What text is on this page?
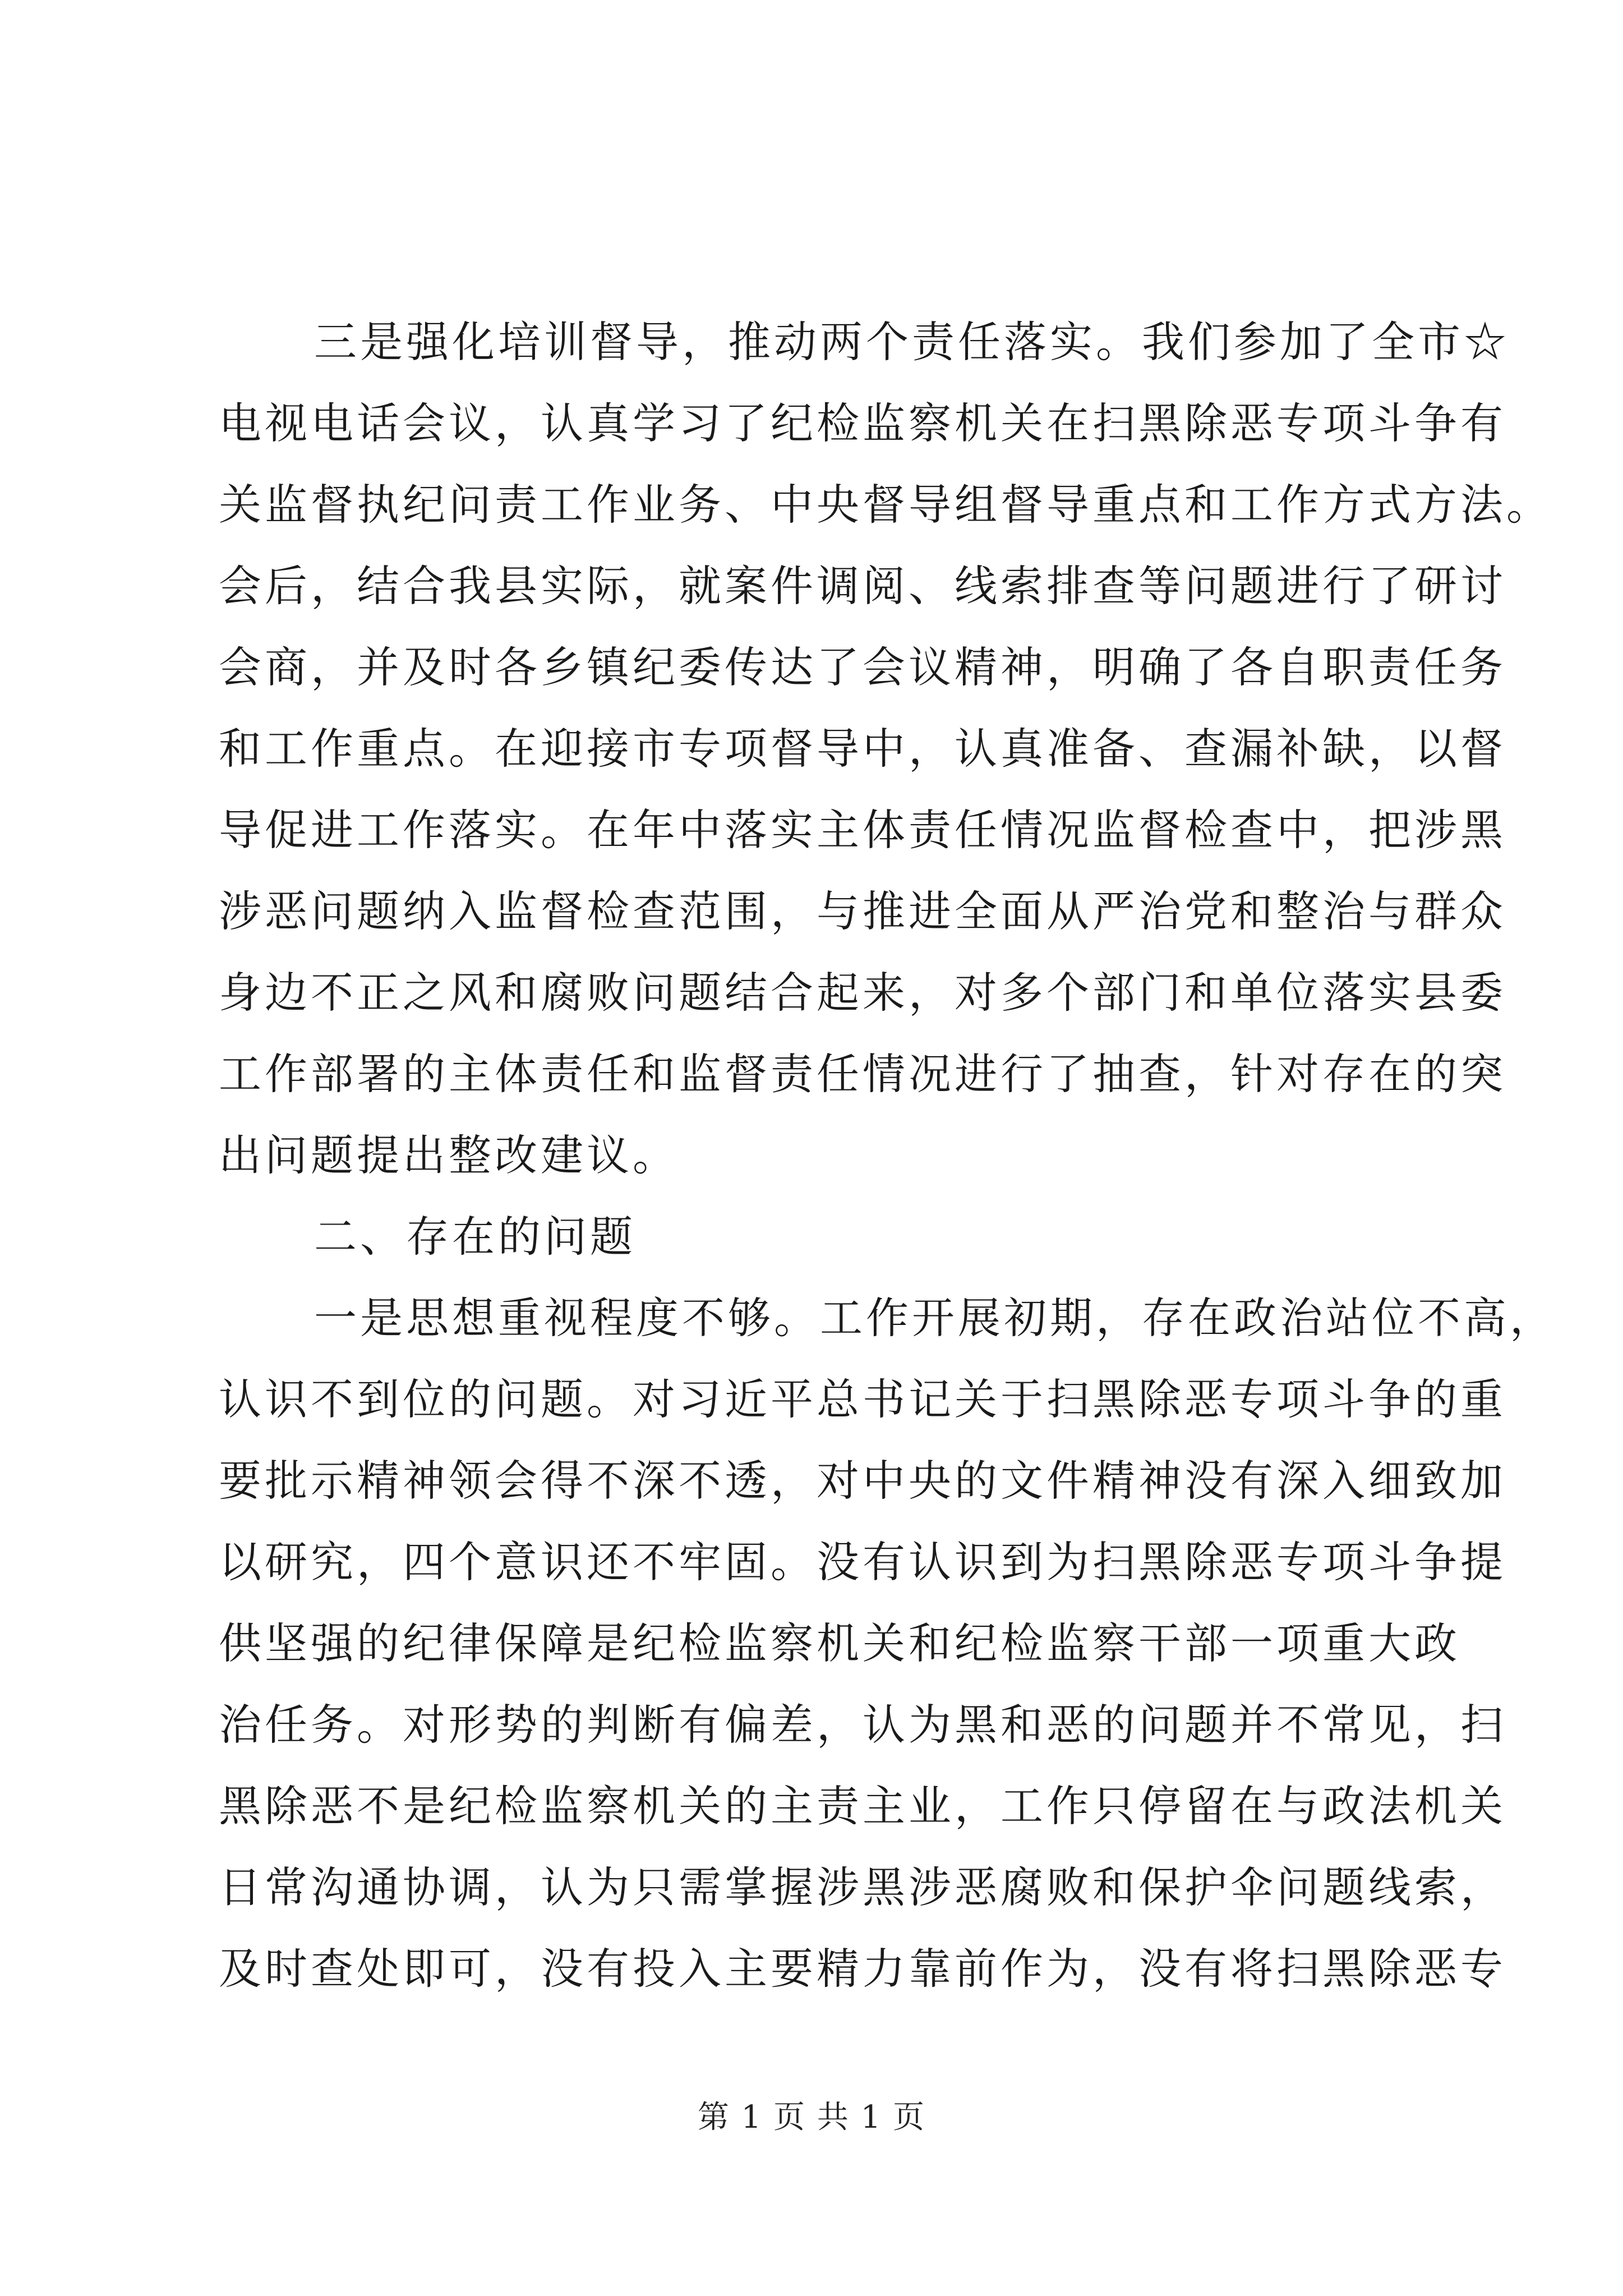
三是强化培训督导，推动两个责任落实。我们参加了全市☆
电视电话会议，认真学习了纪检监察机关在扫黑除恶专项斗争有
关监督执纪问责工作业务、中央督导组督导重点和工作方式方法。
会后，结合我县实际，就案件调阅、线索排查等问题进行了研讨
会商，并及时各乡镇纪委传达了会议精神，明确了各自职责任务
和工作重点。在迎接市专项督导中，认真准备、查漏补缺，以督
导促进工作落实。在年中落实主体责任情况监督检查中，把涉黑
涉恶问题纳入监督检查范围，与推进全面从严治党和整治与群众
身边不正之风和腐败问题结合起来，对多个部门和单位落实县委
工作部署的主体责任和监督责任情况进行了抽查，针对存在的突
出问题提出整改建议。
二、存在的问题
一是思想重视程度不够。工作开展初期，存在政治站位不高，
认识不到位的问题。对习近平总书记关于扫黑除恶专项斗争的重
要批示精神领会得不深不透，对中央的文件精神没有深入细致加
以研究，四个意识还不牢固。没有认识到为扫黑除恶专项斗争提
供坚强的纪律保障是纪检监察机关和纪检监察干部一项重大政
治任务。对形势的判断有偏差，认为黑和恶的问题并不常见，扫
黑除恶不是纪检监察机关的主责主业，工作只停留在与政法机关
日常沟通协调，认为只需掌握涉黑涉恶腐败和保护伞问题线索，
及时查处即可，没有投入主要精力靠前作为，没有将扫黑除恶专
第 1 页 共 1 页
